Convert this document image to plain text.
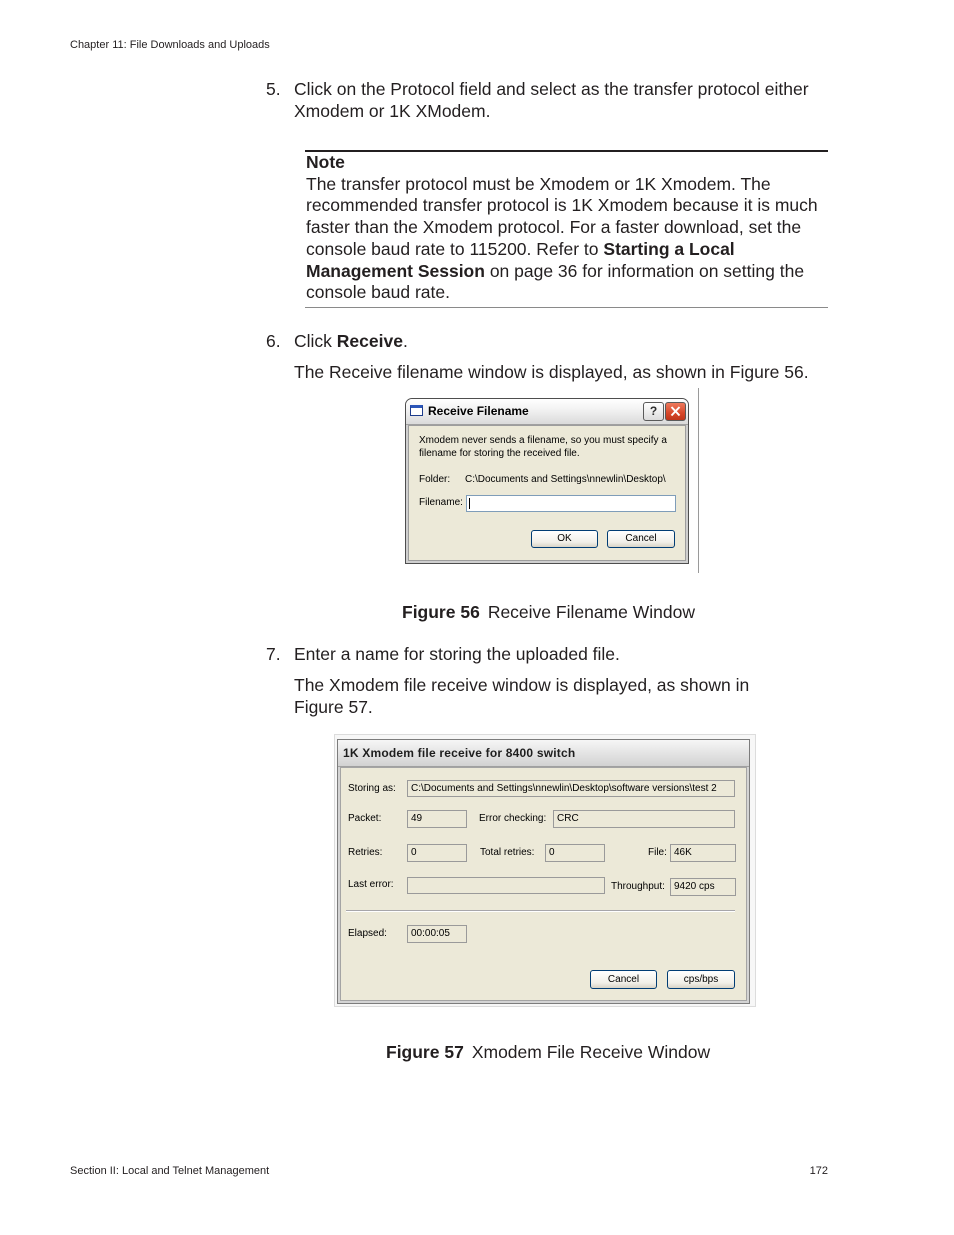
Chapter 11: File Downloads and Uploads
5. Click on the Protocol field and select as the transfer protocol either
Xmodem or 1K XModem.
Note
The transfer protocol must be Xmodem or 1K Xmodem. The
recommended transfer protocol is 1K Xmodem because it is much
faster than the Xmodem protocol. For a faster download, set the
console baud rate to 115200. Refer to Starting a Local
Management Session on page 36 for information on setting the
console baud rate.
6. Click Receive.
The Receive filename window is displayed, as shown in Figure 56.
Receive Filename
?
Xmodem never sends a filename, so you must specify a
filename for storing the received file.
Folder: C:\Documents and Settings\nnewlin\Desktop\
Filename:
OK	Cancel
Figure 56 Receive Filename Window
7. Enter a name for storing the uploaded file.
The Xmodem file receive window is displayed, as shown in
Figure 57.
1K Xmodem file receive for 8400 switch
Storing as:	C:\Documents and Settings\nnewlin\Desktop\software versions\test 2
Packet:	49	Error checking:	CRC
Retries:	0	Total retries:	0	File: 46K
Last error:	Throughput: 9420 cps
Elapsed:	00:00:05
Cancel	cps/bps
Figure 57 Xmodem File Receive Window
Section II: Local and Telnet Management	172
